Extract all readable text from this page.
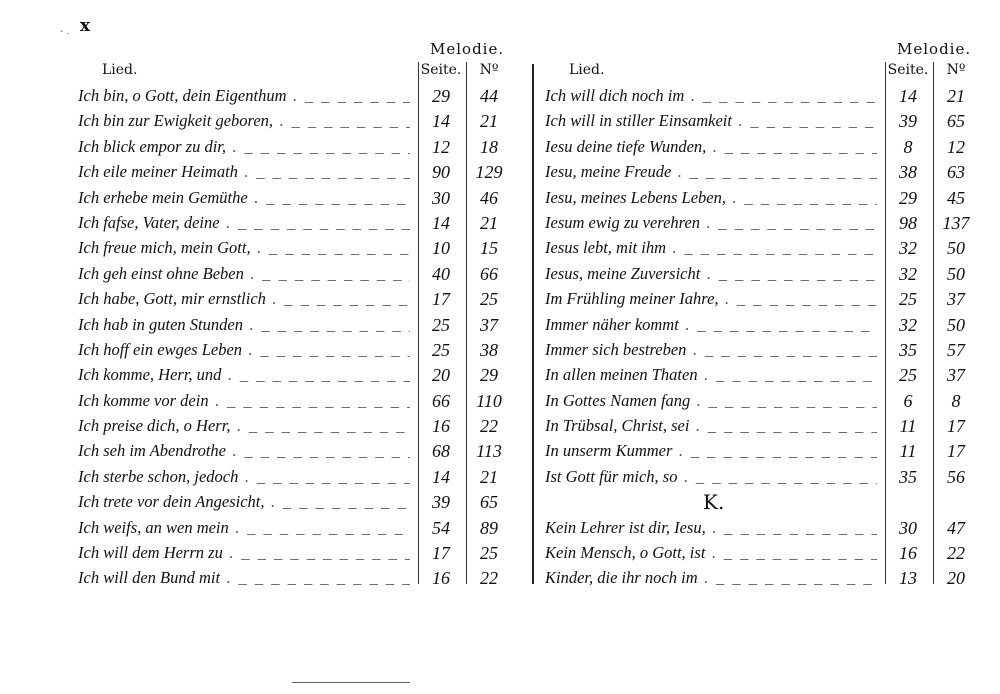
- . x
Melodie.
Lied.	Seite.	Nº
Ich bin, o Gott, dein Eigenthum . _ _	29	44
Ich bin zur Ewigkeit geboren, . _ _	14	21
Ich blick empor zu dir, . _ _	12	18
Ich eile meiner Heimath . _ _	90	129
Ich erhebe mein Gemüthe . _ _	30	46
Ich fafse, Vater, deine . _ _	14	21
Ich freue mich, mein Gott, . _ _	10	15
Ich geh einst ohne Beben . _ _	40	66
Ich habe, Gott, mir ernstlich . _ _	17	25
Ich hab in guten Stunden . _ _	25	37
Ich hoff ein ewges Leben . _ _	25	38
Ich komme, Herr, und . _ _	20	29
Ich komme vor dein . _ _	66	110
Ich preise dich, o Herr, . _ _	16	22
Ich seh im Abendrothe . _ _	68	113
Ich sterbe schon, jedoch . _ _	14	21
Ich trete vor dein Angesicht, . _ _	39	65
Ich weifs, an wen mein . _ _	54	89
Ich will dem Herrn zu . _ _	17	25
Ich will den Bund mit . _ _	16	22
Melodie.
Lied.	Seite.	Nº
Ich will dich noch im . _ _	14	21
Ich will in stiller Einsamkeit . _ _	39	65
Iesu deine tiefe Wunden, . _ _	8	12
Iesu, meine Freude . _ _	38	63
Iesu, meines Lebens Leben, . _ _	29	45
Iesum ewig zu verehren . _ _	98	137
Iesus lebt, mit ihm . _ _	32	50
Iesus, meine Zuversicht . _ _	32	50
Im Frühling meiner Iahre, . _ _	25	37
Immer näher kommt . _ _	32	50
Immer sich bestreben . _ _	35	57
In allen meinen Thaten . _ _	25	37
In Gottes Namen fang . _ _	6	8
In Trübsal, Christ, sei . _ _	11	17
In unserm Kummer . _ _	11	17
Ist Gott für mich, so . _ _	35	56
K.
Kein Lehrer ist dir, Iesu, . _ _	30	47
Kein Mensch, o Gott, ist . _ _	16	22
Kinder, die ihr noch im . _ _	13	20
